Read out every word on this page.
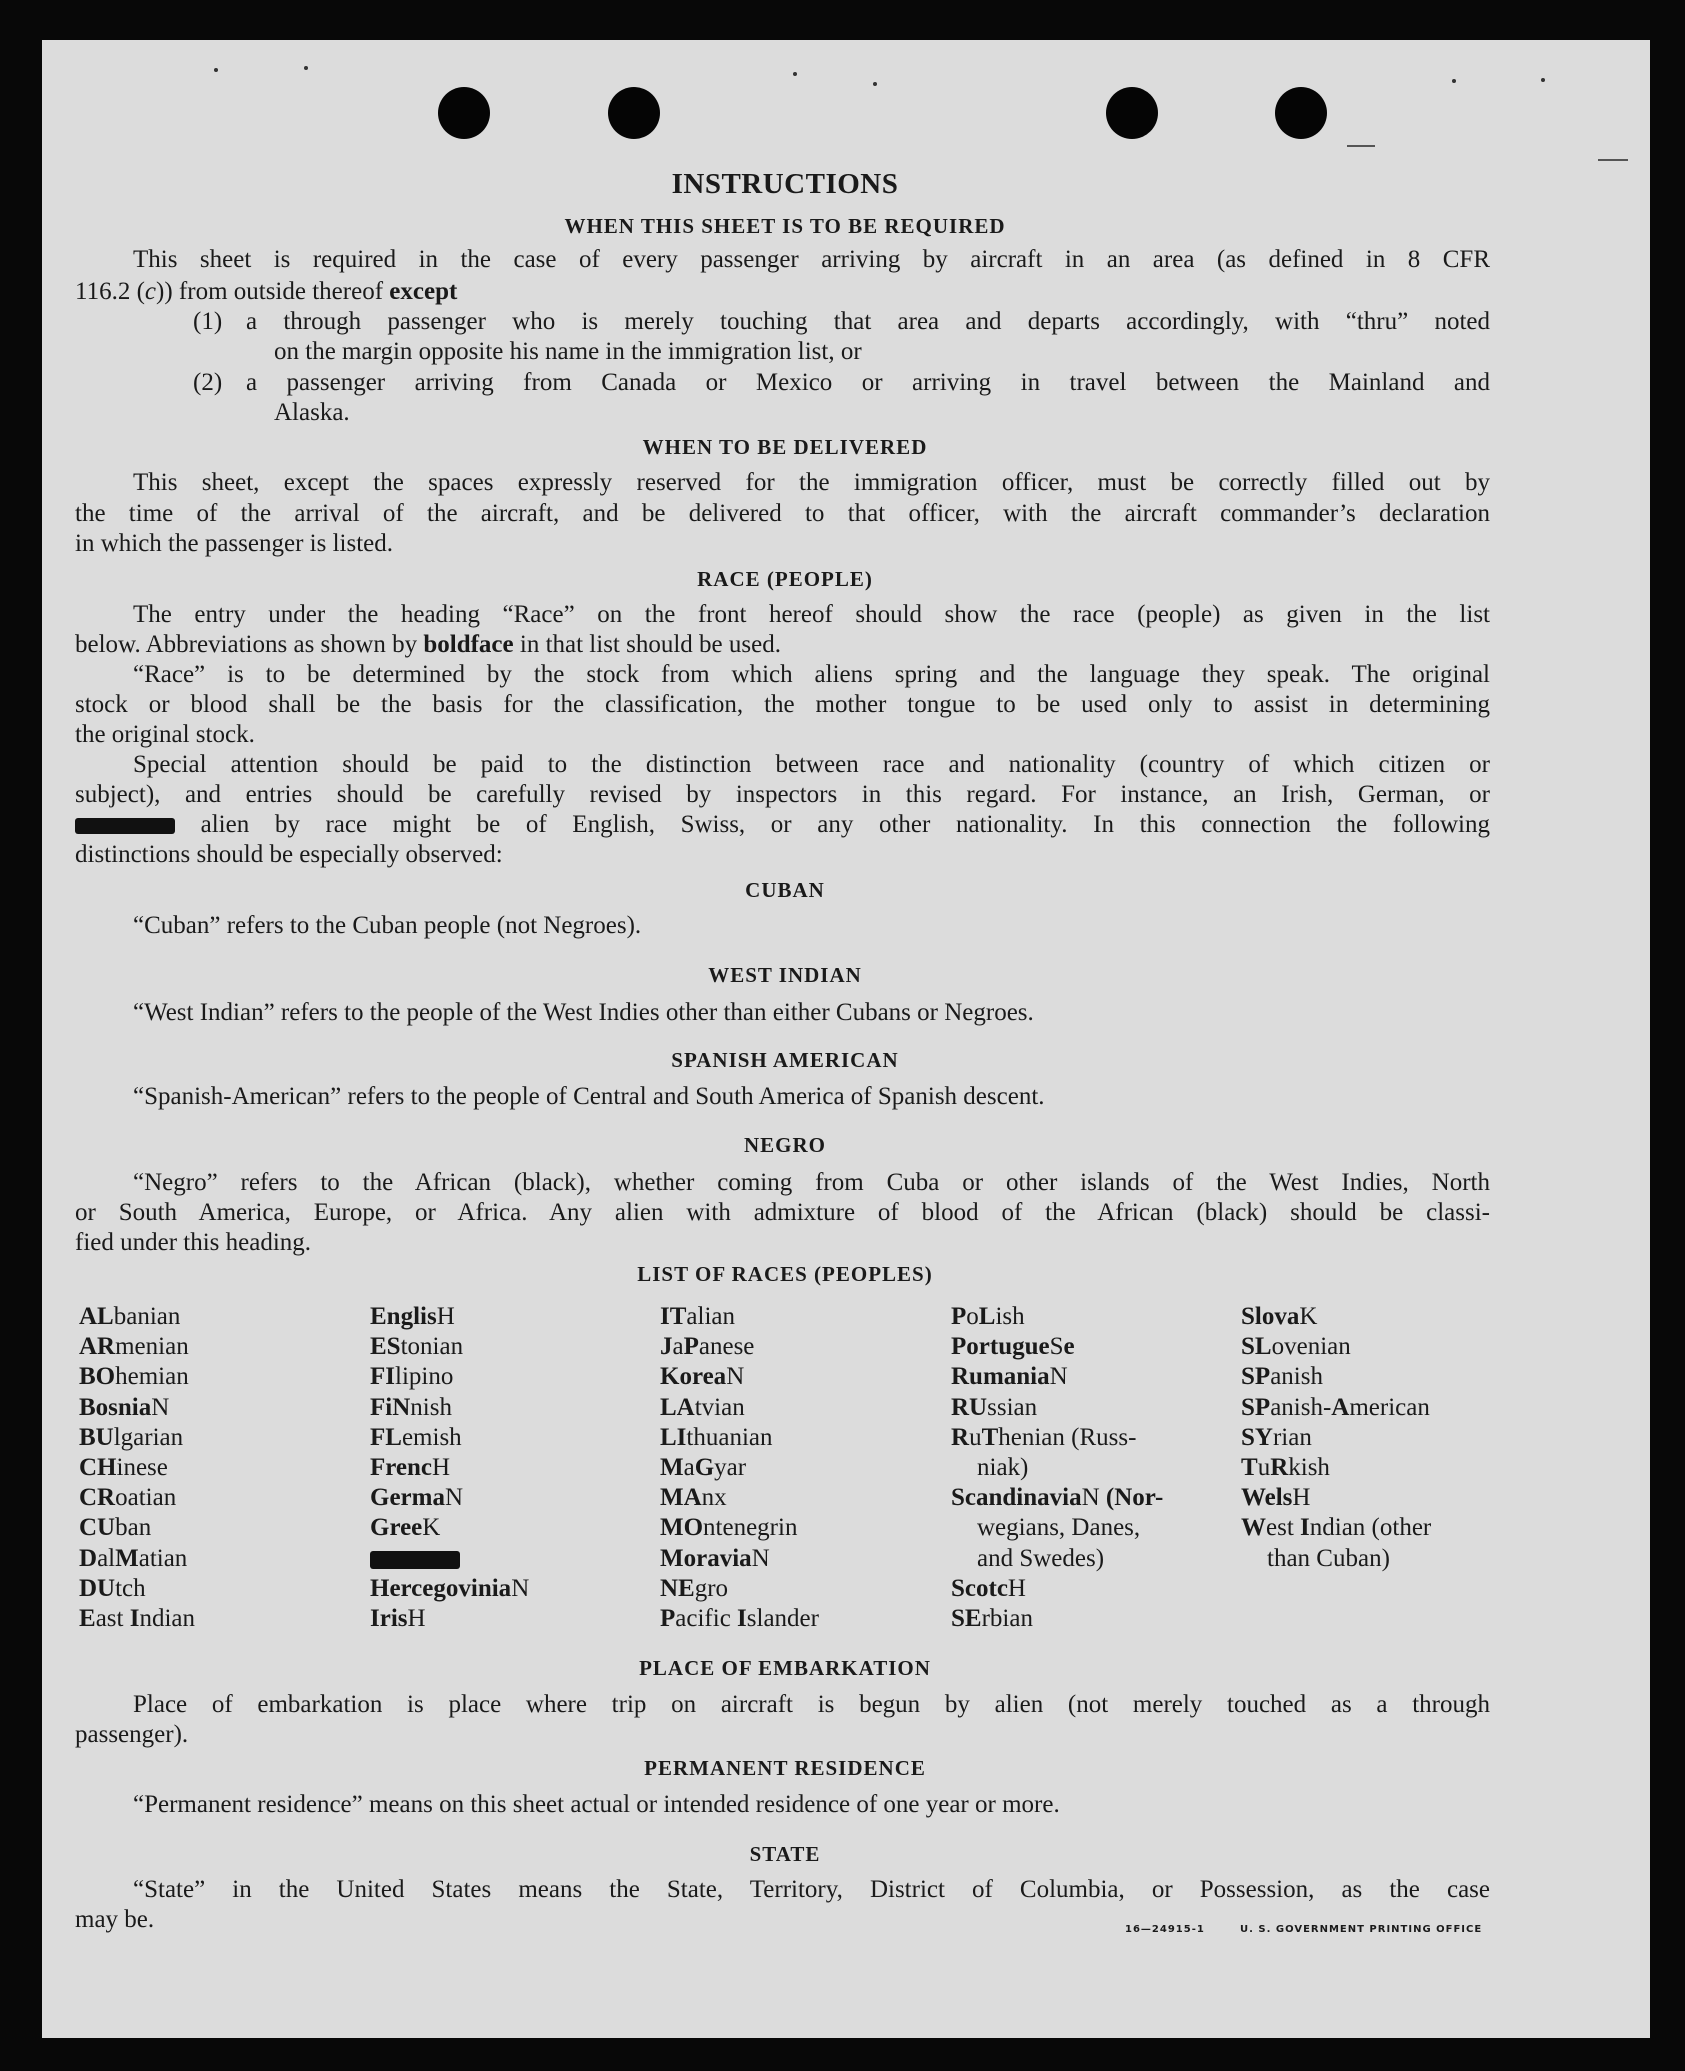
INSTRUCTIONS
WHEN THIS SHEET IS TO BE REQUIRED
This sheet is required in the case of every passenger arriving by aircraft in an area (as defined in 8 CFR
116.2 (c)) from outside thereof except
(1) a through passenger who is merely touching that area and departs accordingly, with “thru” noted
on the margin opposite his name in the immigration list, or
(2) a passenger arriving from Canada or Mexico or arriving in travel between the Mainland and
Alaska.
WHEN TO BE DELIVERED
This sheet, except the spaces expressly reserved for the immigration officer, must be correctly filled out by
the time of the arrival of the aircraft, and be delivered to that officer, with the aircraft commander’s declaration
in which the passenger is listed.
RACE (PEOPLE)
The entry under the heading “Race” on the front hereof should show the race (people) as given in the list
below. Abbreviations as shown by boldface in that list should be used.
“Race” is to be determined by the stock from which aliens spring and the language they speak. The original
stock or blood shall be the basis for the classification, the mother tongue to be used only to assist in determining
the original stock.
Special attention should be paid to the distinction between race and nationality (country of which citizen or
subject), and entries should be carefully revised by inspectors in this regard. For instance, an Irish, German, or
alien by race might be of English, Swiss, or any other nationality. In this connection the following
distinctions should be especially observed:
CUBAN
“Cuban” refers to the Cuban people (not Negroes).
WEST INDIAN
“West Indian” refers to the people of the West Indies other than either Cubans or Negroes.
SPANISH AMERICAN
“Spanish-American” refers to the people of Central and South America of Spanish descent.
NEGRO
“Negro” refers to the African (black), whether coming from Cuba or other islands of the West Indies, North
or South America, Europe, or Africa. Any alien with admixture of blood of the African (black) should be classi-
fied under this heading.
LIST OF RACES (PEOPLES)
ALbanian
ARmenian
BOhemian
BosniaN
BUlgarian
CHinese
CRoatian
CUban
DalMatian
DUtch
East Indian
EnglisH
EStonian
FIlipino
FiNnish
FLemish
FrencH
GermaN
GreeK
HercegoviniaN
IrisH
ITalian
JaPanese
KoreaN
LAtvian
LIthuanian
MaGyar
MAnx
MOntenegrin
MoraviaN
NEgro
Pacific Islander
PoLish
PortugueSe
RumaniaN
RUssian
RuThenian (Russ-
niak)
ScandinaviaN (Nor-
wegians, Danes,
and Swedes)
ScotcH
SErbian
SlovaK
SLovenian
SPanish
SPanish-American
SYrian
TuRkish
WelsH
West Indian (other
than Cuban)
PLACE OF EMBARKATION
Place of embarkation is place where trip on aircraft is begun by alien (not merely touched as a through
passenger).
PERMANENT RESIDENCE
“Permanent residence” means on this sheet actual or intended residence of one year or more.
STATE
“State” in the United States means the State, Territory, District of Columbia, or Possession, as the case
may be.	16—24915-1	U. S. GOVERNMENT PRINTING OFFICE
